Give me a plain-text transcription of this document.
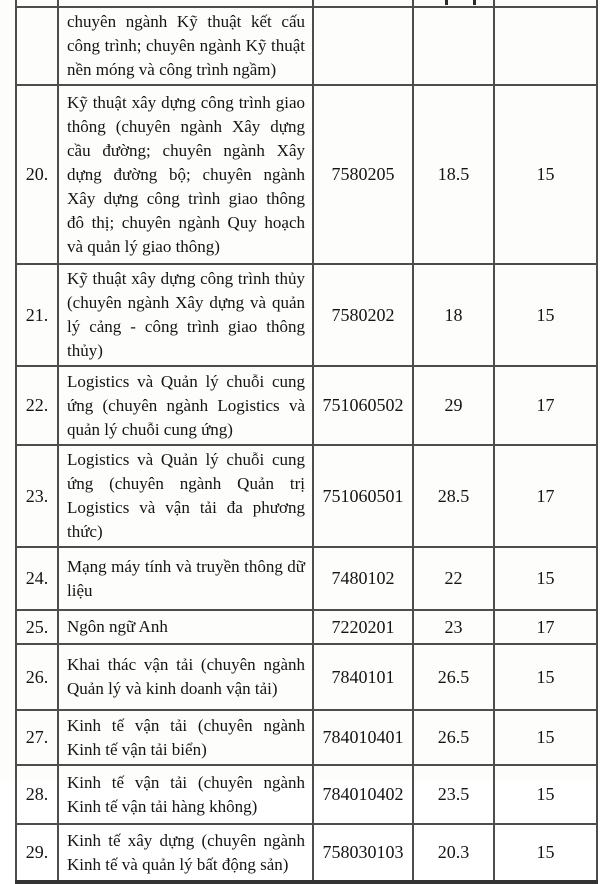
	chuyên ngành Kỹ thuật kết cấu công trình; chuyên ngành Kỹ thuật nền móng và công trình ngầm)			
20.	Kỹ thuật xây dựng công trình giao thông (chuyên ngành Xây dựng cầu đường; chuyên ngành Xây dựng đường bộ; chuyên ngành Xây dựng công trình giao thông đô thị; chuyên ngành Quy hoạch và quản lý giao thông)	7580205	18.5	15
21.	Kỹ thuật xây dựng công trình thủy (chuyên ngành Xây dựng và quản lý cảng - công trình giao thông thủy)	7580202	18	15
22.	Logistics và Quản lý chuỗi cung ứng (chuyên ngành Logistics và quản lý chuỗi cung ứng)	751060502	29	17
23.	Logistics và Quản lý chuỗi cung ứng (chuyên ngành Quản trị Logistics và vận tải đa phương thức)	751060501	28.5	17
24.	Mạng máy tính và truyền thông dữ liệu	7480102	22	15
25.	Ngôn ngữ Anh	7220201	23	17
26.	Khai thác vận tải (chuyên ngành Quản lý và kinh doanh vận tải)	7840101	26.5	15
27.	Kinh tế vận tải (chuyên ngành Kinh tế vận tải biển)	784010401	26.5	15
28.	Kinh tế vận tải (chuyên ngành Kinh tế vận tải hàng không)	784010402	23.5	15
29.	Kinh tế xây dựng (chuyên ngành Kinh tế và quản lý bất động sản)	758030103	20.3	15
